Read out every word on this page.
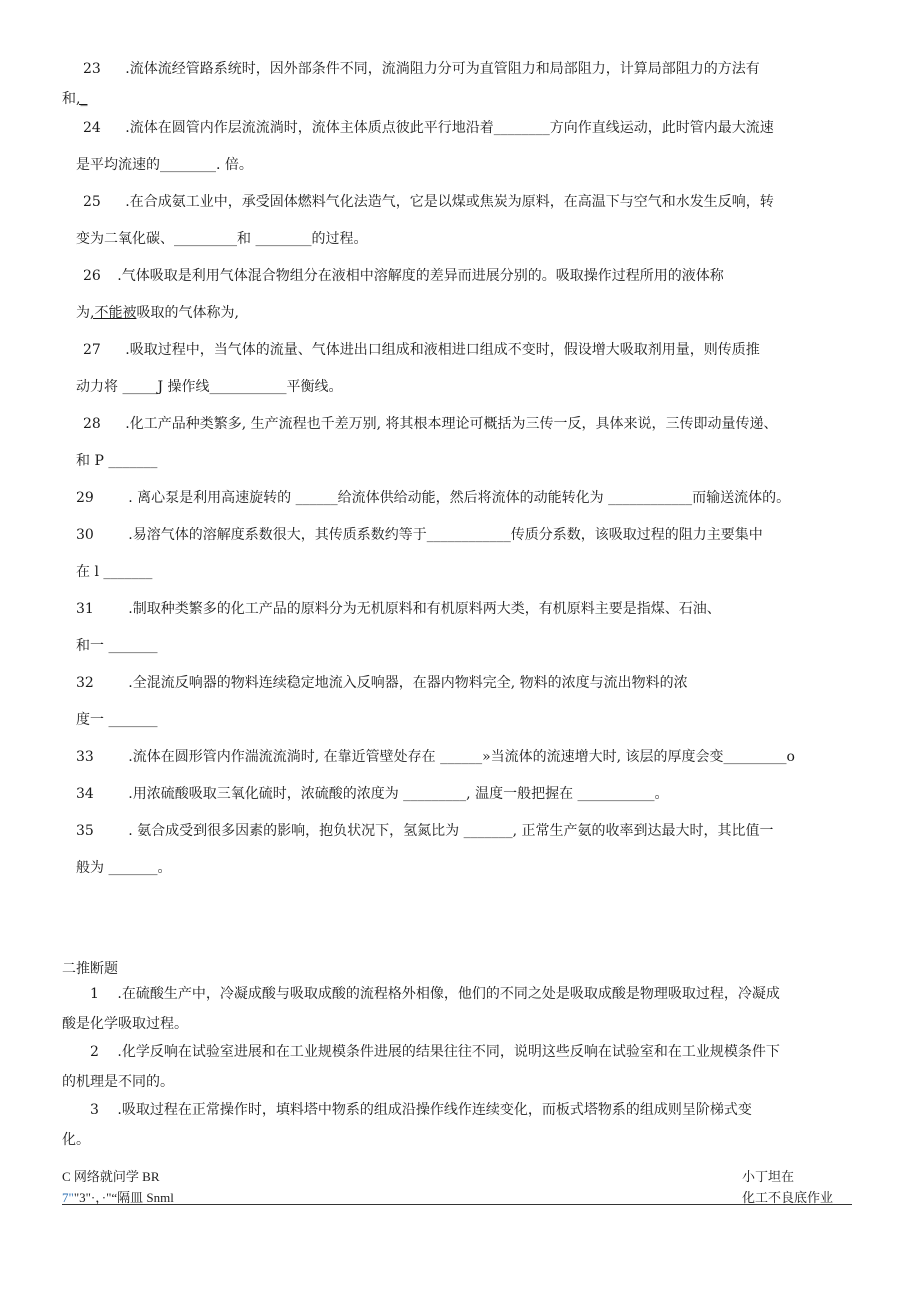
23 .流体流经管路系统时，因外部条件不同，流淌阻力分可为直管阻力和局部阻力，计算局部阻力的方法有
和,_
24 .流体在圆管内作层流流淌时，流体主体质点彼此平行地沿着________方向作直线运动，此时管内最大流速
是平均流速的________. 倍。
25 .在合成氨工业中，承受固体燃料气化法造气，它是以煤或焦炭为原料，在高温下与空气和水发生反响，转
变为二氧化碳、_________和 ________的过程。
26 .气体吸取是利用气体混合物组分在液相中溶解度的差异而进展分别的。吸取操作过程所用的液体称
为,不能被吸取的气体称为,
27 .吸取过程中，当气体的流量、气体进出口组成和液相进口组成不变时，假设增大吸取剂用量，则传质推
动力将 _____J 操作线___________平衡线。
28 .化工产品种类繁多, 生产流程也千差万别, 将其根本理论可概括为三传一反，具体来说，三传即动量传递、
和 P _______
29 . 离心泵是利用高速旋转的 ______给流体供给动能，然后将流体的动能转化为 ____________而输送流体的。
30 .易溶气体的溶解度系数很大，其传质系数约等于____________传质分系数，该吸取过程的阻力主要集中
在 l _______
31 .制取种类繁多的化工产品的原料分为无机原料和有机原料两大类，有机原料主要是指煤、石油、
和一 _______
32 .全混流反响器的物料连续稳定地流入反响器，在器内物料完全, 物料的浓度与流出物料的浓
度一 _______
33 .流体在圆形管内作湍流流淌时, 在靠近管壁处存在 ______»当流体的流速增大时, 该层的厚度会变_________o
34 .用浓硫酸吸取三氧化硫时，浓硫酸的浓度为 _________, 温度一般把握在 ___________。
35 . 氨合成受到很多因素的影响，抱负状况下，氢氮比为 _______, 正常生产氨的收率到达最大时，其比值一
般为 _______。
二推断题
1 .在硫酸生产中，冷凝成酸与吸取成酸的流程格外相像，他们的不同之处是吸取成酸是物理吸取过程，冷凝成
酸是化学吸取过程。
2 .化学反响在试验室进展和在工业规模条件进展的结果往往不同，说明这些反响在试验室和在工业规模条件下
的机理是不同的。
3 .吸取过程在正常操作时，填料塔中物系的组成沿操作线作连续变化，而板式塔物系的组成则呈阶梯式变
化。
C 网络就问学 BR
7""3"·，·"“隔皿 Snml
小丁坦在
化工不良底作业
